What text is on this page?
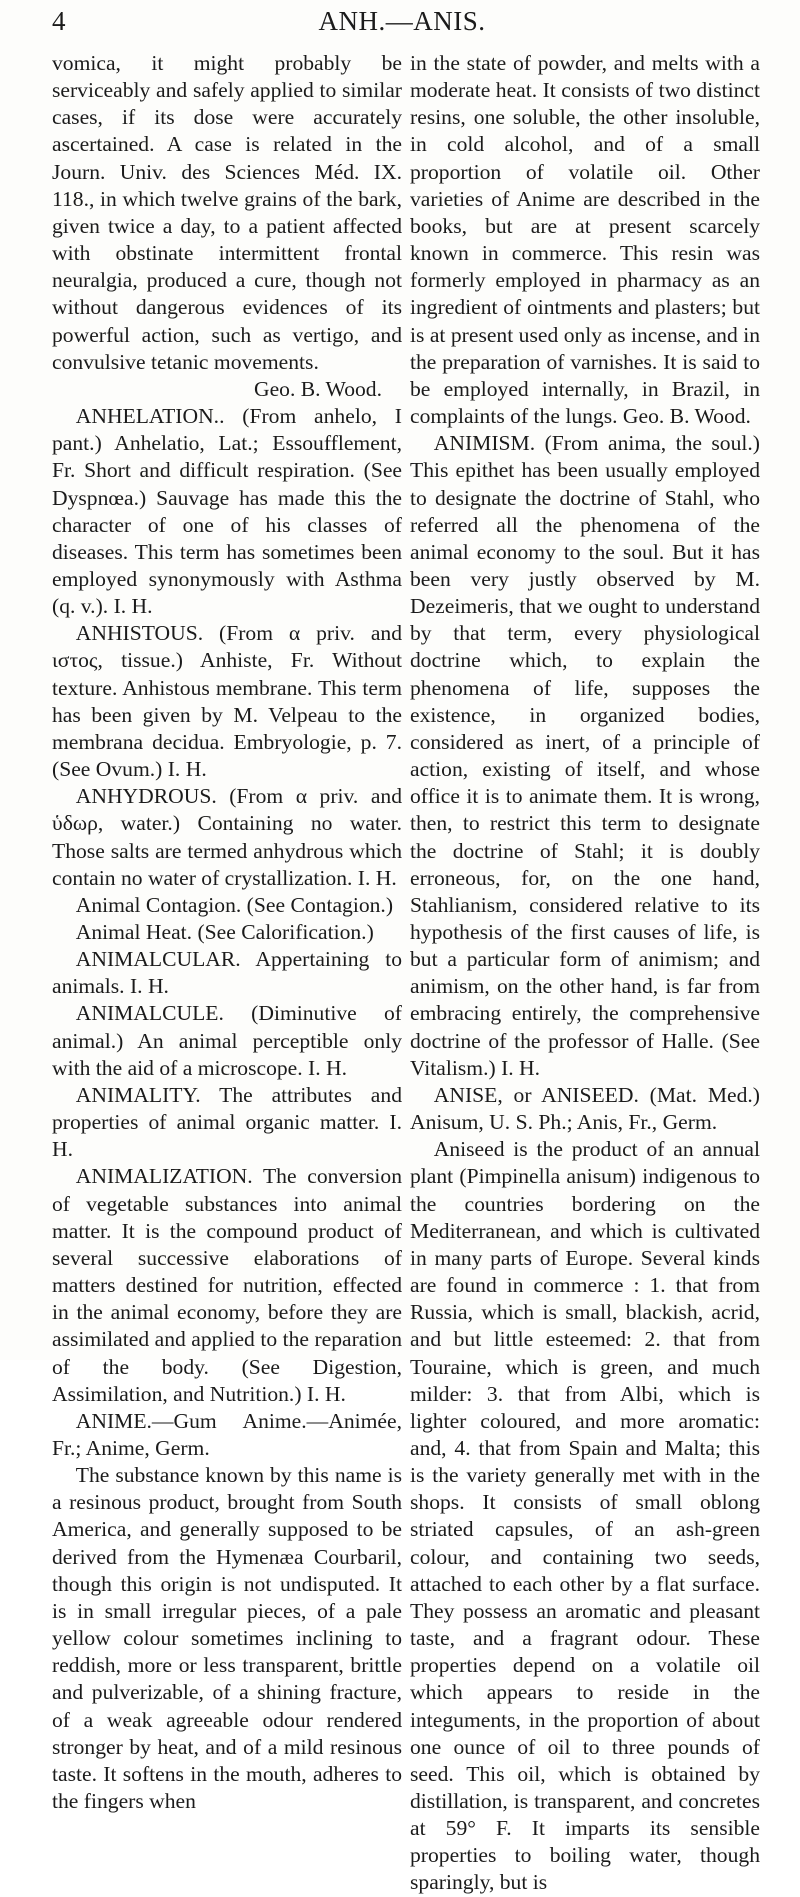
4	ANH.—ANIS.

vomica, it might probably be serviceably and safely applied to similar cases, if its dose were accurately ascertained. A case is related in the Journ. Univ. des Sciences Méd. IX. 118., in which twelve grains of the bark, given twice a day, to a patient affected with obstinate intermittent frontal neuralgia, produced a cure, though not without dangerous evidences of its powerful action, such as vertigo, and convulsive tetanic movements.

Geo. B. Wood.

ANHELATION.. (From anhelo, I pant.) Anhelatio, Lat.; Essoufflement, Fr. Short and difficult respiration. (See Dyspnœa.) Sauvage has made this the character of one of his classes of diseases. This term has sometimes been employed synonymously with Asthma (q. v.). I. H.

ANHISTOUS. (From α priv. and ιστος, tissue.) Anhiste, Fr. Without texture. Anhistous membrane. This term has been given by M. Velpeau to the membrana decidua. Embryologie, p. 7. (See Ovum.) I. H.

ANHYDROUS. (From α priv. and ὑδωρ, water.) Containing no water. Those salts are termed anhydrous which contain no water of crystallization. I. H.

Animal Contagion. (See Contagion.)

Animal Heat. (See Calorification.)

ANIMALCULAR. Appertaining to animals. I. H.

ANIMALCULE. (Diminutive of animal.) An animal perceptible only with the aid of a microscope. I. H.

ANIMALITY. The attributes and properties of animal organic matter. I. H.

ANIMALIZATION. The conversion of vegetable substances into animal matter. It is the compound product of several successive elaborations of matters destined for nutrition, effected in the animal economy, before they are assimilated and applied to the reparation of the body. (See Digestion, Assimilation, and Nutrition.) I. H.

ANIME.—Gum Anime.—Animée, Fr.; Anime, Germ.

The substance known by this name is a resinous product, brought from South America, and generally supposed to be derived from the Hymenæa Courbaril, though this origin is not undisputed. It is in small irregular pieces, of a pale yellow colour sometimes inclining to reddish, more or less transparent, brittle and pulverizable, of a shining fracture, of a weak agreeable odour rendered stronger by heat, and of a mild resinous taste. It softens in the mouth, adheres to the fingers when

in the state of powder, and melts with a moderate heat. It consists of two distinct resins, one soluble, the other insoluble, in cold alcohol, and of a small proportion of volatile oil. Other varieties of Anime are described in the books, but are at present scarcely known in commerce. This resin was formerly employed in pharmacy as an ingredient of ointments and plasters; but is at present used only as incense, and in the preparation of varnishes. It is said to be employed internally, in Brazil, in complaints of the lungs. Geo. B. Wood.

ANIMISM. (From anima, the soul.) This epithet has been usually employed to designate the doctrine of Stahl, who referred all the phenomena of the animal economy to the soul. But it has been very justly observed by M. Dezeimeris, that we ought to understand by that term, every physiological doctrine which, to explain the phenomena of life, supposes the existence, in organized bodies, considered as inert, of a principle of action, existing of itself, and whose office it is to animate them. It is wrong, then, to restrict this term to designate the doctrine of Stahl; it is doubly erroneous, for, on the one hand, Stahlianism, considered relative to its hypothesis of the first causes of life, is but a particular form of animism; and animism, on the other hand, is far from embracing entirely, the comprehensive doctrine of the professor of Halle. (See Vitalism.) I. H.

ANISE, or ANISEED. (Mat. Med.) Anisum, U. S. Ph.; Anis, Fr., Germ.

Aniseed is the product of an annual plant (Pimpinella anisum) indigenous to the countries bordering on the Mediterranean, and which is cultivated in many parts of Europe. Several kinds are found in commerce : 1. that from Russia, which is small, blackish, acrid, and but little esteemed: 2. that from Touraine, which is green, and much milder: 3. that from Albi, which is lighter coloured, and more aromatic: and, 4. that from Spain and Malta; this is the variety generally met with in the shops. It consists of small oblong striated capsules, of an ash-green colour, and containing two seeds, attached to each other by a flat surface. They possess an aromatic and pleasant taste, and a fragrant odour. These properties depend on a volatile oil which appears to reside in the integuments, in the proportion of about one ounce of oil to three pounds of seed. This oil, which is obtained by distillation, is transparent, and concretes at 59° F. It imparts its sensible properties to boiling water, though sparingly, but is
